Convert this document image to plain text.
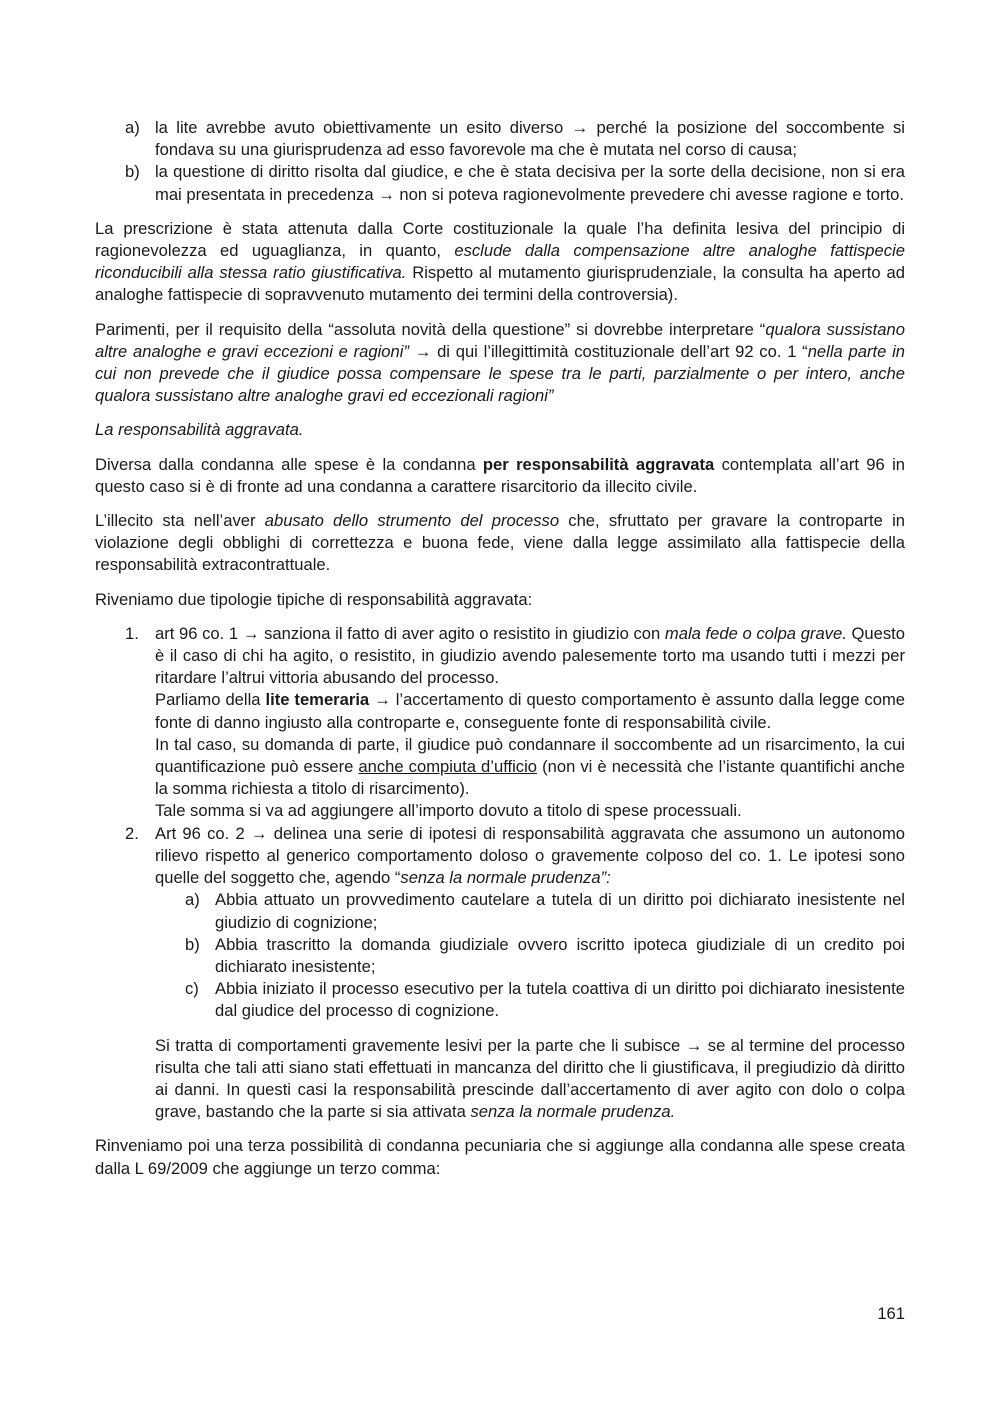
a) la lite avrebbe avuto obiettivamente un esito diverso → perché la posizione del soccombente si fondava su una giurisprudenza ad esso favorevole ma che è mutata nel corso di causa;
b) la questione di diritto risolta dal giudice, e che è stata decisiva per la sorte della decisione, non si era mai presentata in precedenza → non si poteva ragionevolmente prevedere chi avesse ragione e torto.

La prescrizione è stata attenuta dalla Corte costituzionale la quale l’ha definita lesiva del principio di ragionevolezza ed uguaglianza, in quanto, esclude dalla compensazione altre analoghe fattispecie riconducibili alla stessa ratio giustificativa. Rispetto al mutamento giurisprudenziale, la consulta ha aperto ad analoghe fattispecie di sopravvenuto mutamento dei termini della controversia).

Parimenti, per il requisito della “assoluta novità della questione” si dovrebbe interpretare “qualora sussistano altre analoghe e gravi eccezioni e ragioni” → di qui l’illegittimità costituzionale dell’art 92 co. 1 “nella parte in cui non prevede che il giudice possa compensare le spese tra le parti, parzialmente o per intero, anche qualora sussistano altre analoghe gravi ed eccezionali ragioni”

La responsabilità aggravata.

Diversa dalla condanna alle spese è la condanna per responsabilità aggravata contemplata all’art 96 in questo caso si è di fronte ad una condanna a carattere risarcitorio da illecito civile.

L’illecito sta nell’aver abusato dello strumento del processo che, sfruttato per gravare la controparte in violazione degli obblighi di correttezza e buona fede, viene dalla legge assimilato alla fattispecie della responsabilità extracontrattuale.

Riveniamo due tipologie tipiche di responsabilità aggravata:

1. art 96 co. 1 → sanziona il fatto di aver agito o resistito in giudizio con mala fede o colpa grave. Questo è il caso di chi ha agito, o resistito, in giudizio avendo palesemente torto ma usando tutti i mezzi per ritardare l’altrui vittoria abusando del processo.
Parliamo della lite temeraria → l’accertamento di questo comportamento è assunto dalla legge come fonte di danno ingiusto alla controparte e, conseguente fonte di responsabilità civile.
In tal caso, su domanda di parte, il giudice può condannare il soccombente ad un risarcimento, la cui quantificazione può essere anche compiuta d’ufficio (non vi è necessità che l’istante quantifichi anche la somma richiesta a titolo di risarcimento).
Tale somma si va ad aggiungere all’importo dovuto a titolo di spese processuali.
2. Art 96 co. 2 → delinea una serie di ipotesi di responsabilità aggravata che assumono un autonomo rilievo rispetto al generico comportamento doloso o gravemente colposo del co. 1. Le ipotesi sono quelle del soggetto che, agendo “senza la normale prudenza”:
a) Abbia attuato un provvedimento cautelare a tutela di un diritto poi dichiarato inesistente nel giudizio di cognizione;
b) Abbia trascritto la domanda giudiziale ovvero iscritto ipoteca giudiziale di un credito poi dichiarato inesistente;
c) Abbia iniziato il processo esecutivo per la tutela coattiva di un diritto poi dichiarato inesistente dal giudice del processo di cognizione.
Si tratta di comportamenti gravemente lesivi per la parte che li subisce → se al termine del processo risulta che tali atti siano stati effettuati in mancanza del diritto che li giustificava, il pregiudizio dà diritto ai danni. In questi casi la responsabilità prescinde dall’accertamento di aver agito con dolo o colpa grave, bastando che la parte si sia attivata senza la normale prudenza.

Rinveniamo poi una terza possibilità di condanna pecuniaria che si aggiunge alla condanna alle spese creata dalla L 69/2009 che aggiunge un terzo comma:

161
